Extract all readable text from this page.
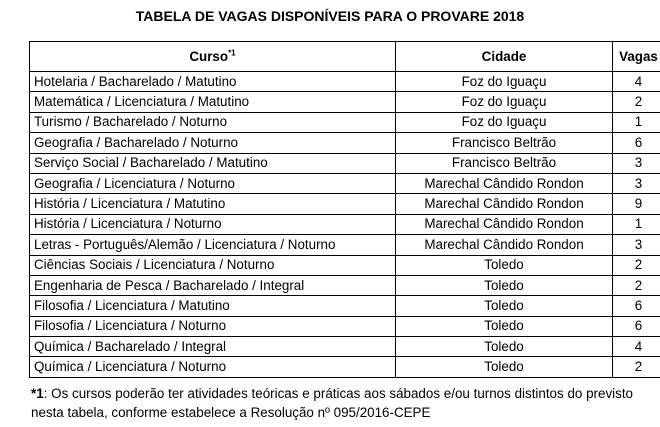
TABELA DE VAGAS DISPONÍVEIS PARA O PROVARE 2018
Curso$^{*1}$	Cidade	Vagas
Hotelaria / Bacharelado / Matutino	Foz do Iguaçu	4
Matemática / Licenciatura / Matutino	Foz do Iguaçu	2
Turismo / Bacharelado / Noturno	Foz do Iguaçu	1
Geografia / Bacharelado / Noturno	Francisco Beltrão	6
Serviço Social / Bacharelado / Matutino	Francisco Beltrão	3
Geografia / Licenciatura / Noturno	Marechal Cândido Rondon	3
História / Licenciatura / Matutino	Marechal Cândido Rondon	9
História / Licenciatura / Noturno	Marechal Cândido Rondon	1
Letras - Português/Alemão / Licenciatura / Noturno	Marechal Cândido Rondon	3
Ciências Sociais / Licenciatura / Noturno	Toledo	2
Engenharia de Pesca / Bacharelado / Integral	Toledo	2
Filosofia / Licenciatura / Matutino	Toledo	6
Filosofia / Licenciatura / Noturno	Toledo	6
Química / Bacharelado / Integral	Toledo	4
Química / Licenciatura / Noturno	Toledo	2
*1: Os cursos poderão ter atividades teóricas e práticas aos sábados e/ou turnos distintos do previsto nesta tabela, conforme estabelece a Resolução nº 095/2016-CEPE
